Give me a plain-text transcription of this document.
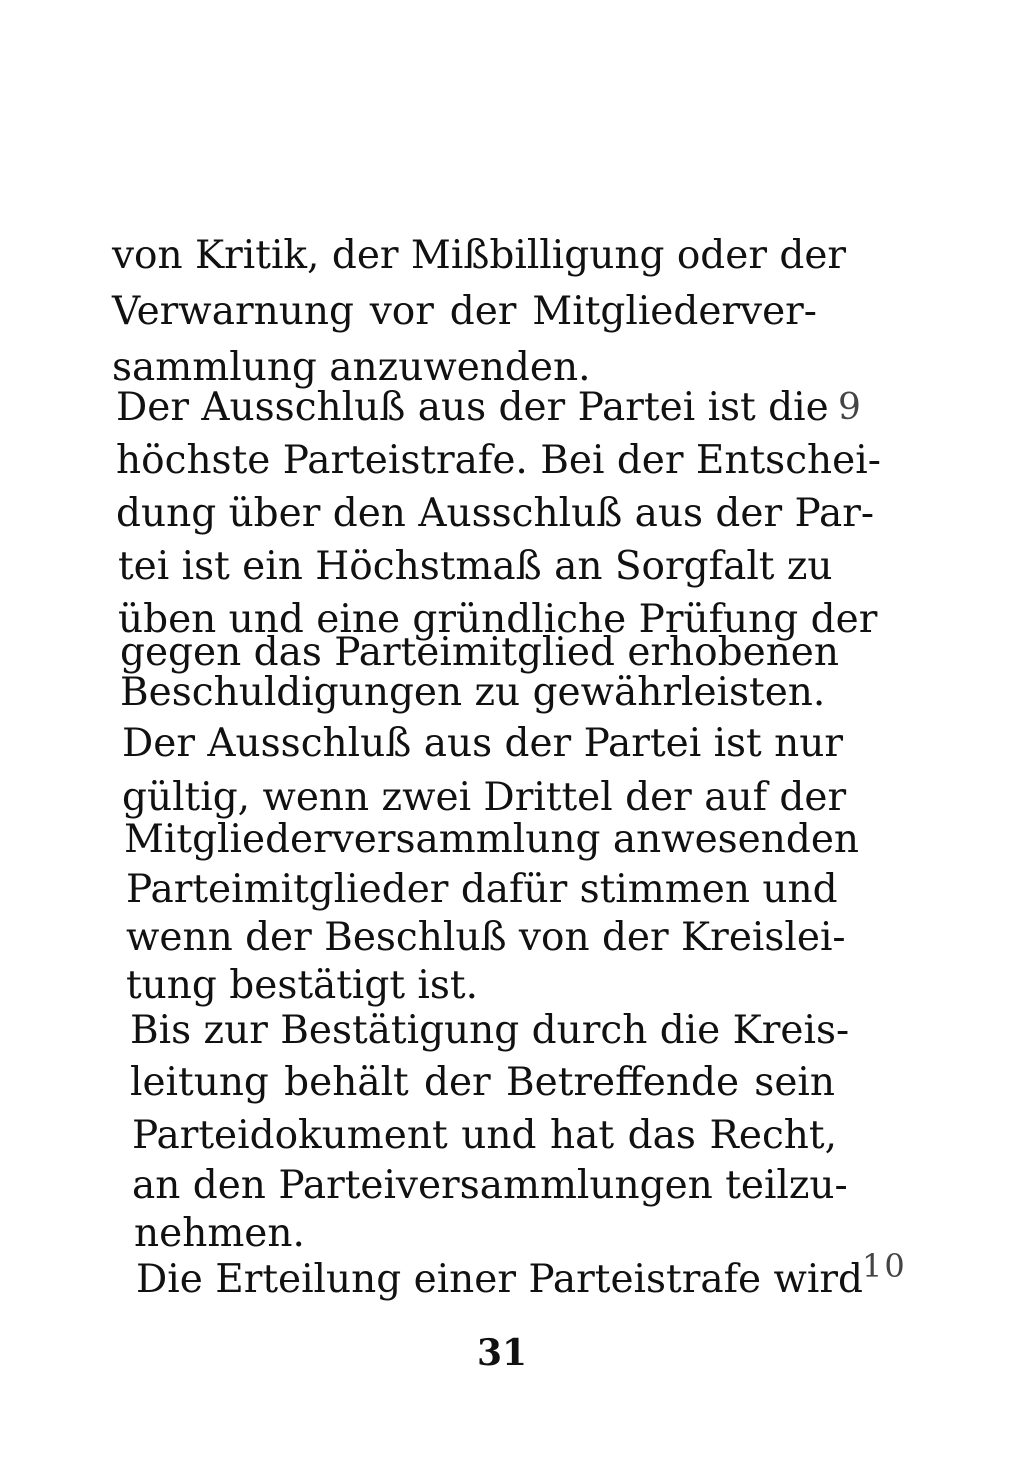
von Kritik, der Mißbilligung oder der
Verwarnung vor der Mitgliederver-
sammlung anzuwenden.
Der Ausschluß aus der Partei ist die 9
höchste Parteistrafe. Bei der Entschei-
dung über den Ausschluß aus der Par-
tei ist ein Höchstmaß an Sorgfalt zu
üben und eine gründliche Prüfung der
gegen das Parteimitglied erhobenen
Beschuldigungen zu gewährleisten.
Der Ausschluß aus der Partei ist nur
gültig, wenn zwei Drittel der auf der
Mitgliederversammlung anwesenden
Parteimitglieder dafür stimmen und
wenn der Beschluß von der Kreislei-
tung bestätigt ist.
Bis zur Bestätigung durch die Kreis-
leitung behält der Betreffende sein
Parteidokument und hat das Recht,
an den Parteiversammlungen teilzu-
nehmen.
Die Erteilung einer Parteistrafe wird 10
31
